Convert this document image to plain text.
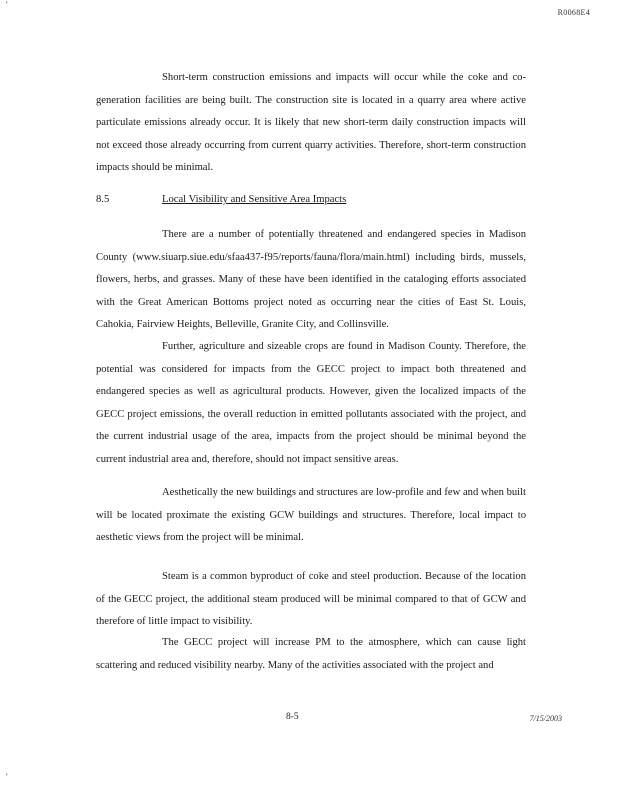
'
R0068E4

Short-term construction emissions and impacts will occur while the coke and co-generation facilities are being built. The construction site is located in a quarry area where active particulate emissions already occur. It is likely that new short-term daily construction impacts will not exceed those already occurring from current quarry activities. Therefore, short-term construction impacts should be minimal.

8.5	Local Visibility and Sensitive Area Impacts

There are a number of potentially threatened and endangered species in Madison County (www.siuarp.siue.edu/sfaa437-f95/reports/fauna/flora/main.html) including birds, mussels, flowers, herbs, and grasses. Many of these have been identified in the cataloging efforts associated with the Great American Bottoms project noted as occurring near the cities of East St. Louis, Cahokia, Fairview Heights, Belleville, Granite City, and Collinsville.

Further, agriculture and sizeable crops are found in Madison County. Therefore, the potential was considered for impacts from the GECC project to impact both threatened and endangered species as well as agricultural products. However, given the localized impacts of the GECC project emissions, the overall reduction in emitted pollutants associated with the project, and the current industrial usage of the area, impacts from the project should be minimal beyond the current industrial area and, therefore, should not impact sensitive areas.

Aesthetically the new buildings and structures are low-profile and few and when built will be located proximate the existing GCW buildings and structures. Therefore, local impact to aesthetic views from the project will be minimal.

Steam is a common byproduct of coke and steel production. Because of the location of the GECC project, the additional steam produced will be minimal compared to that of GCW and therefore of little impact to visibility.

The GECC project will increase PM to the atmosphere, which can cause light scattering and reduced visibility nearby. Many of the activities associated with the project and

8-5	7/15/2003
'
